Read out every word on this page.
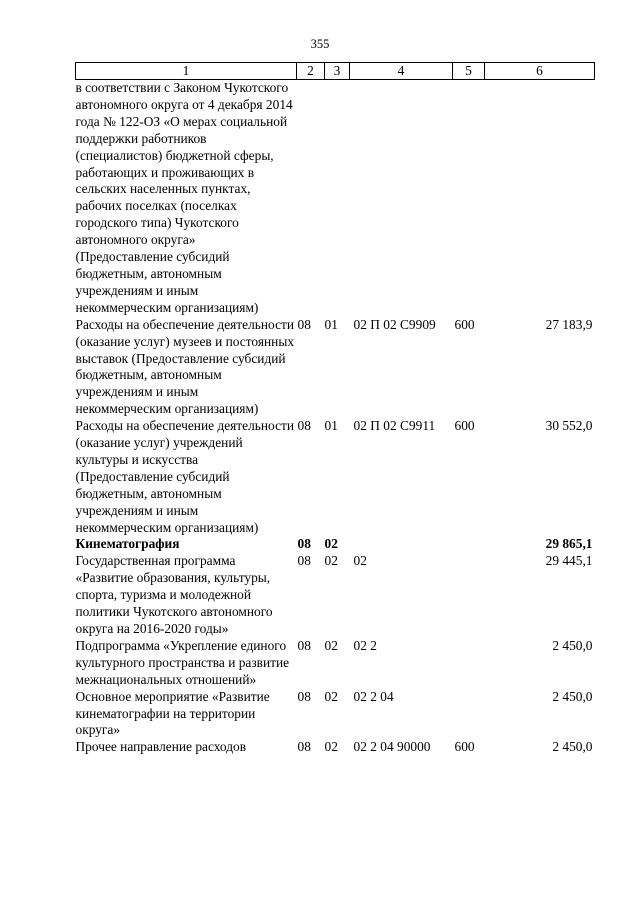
355
1	2	3	4	5	6
в соответствии с Законом Чукотского автономного округа от 4 декабря 2014 года № 122-ОЗ «О мерах социальной поддержки работников (специалистов) бюджетной сферы, работающих и проживающих в сельских населенных пунктах, рабочих поселках (поселках городского типа) Чукотского автономного округа» (Предоставление субсидий бюджетным, автономным учреждениям и иным некоммерческим организациям)					
Расходы на обеспечение деятельности (оказание услуг) музеев и постоянных выставок (Предоставление субсидий бюджетным, автономным учреждениям и иным некоммерческим организациям)	08	01	02 П 02 С9909	600	27 183,9
Расходы на обеспечение деятельности (оказание услуг) учреждений культуры и искусства (Предоставление субсидий бюджетным, автономным учреждениям и иным некоммерческим организациям)	08	01	02 П 02 С9911	600	30 552,0
Кинематография	08	02			29 865,1
Государственная программа «Развитие образования, культуры, спорта, туризма и молодежной политики Чукотского автономного округа на 2016-2020 годы»	08	02	02		29 445,1
Подпрограмма «Укрепление единого культурного пространства и развитие межнациональных отношений»	08	02	02 2		2 450,0
Основное мероприятие «Развитие кинематографии на территории округа»	08	02	02 2 04		2 450,0
Прочее направление расходов	08	02	02 2 04 90000	600	2 450,0
